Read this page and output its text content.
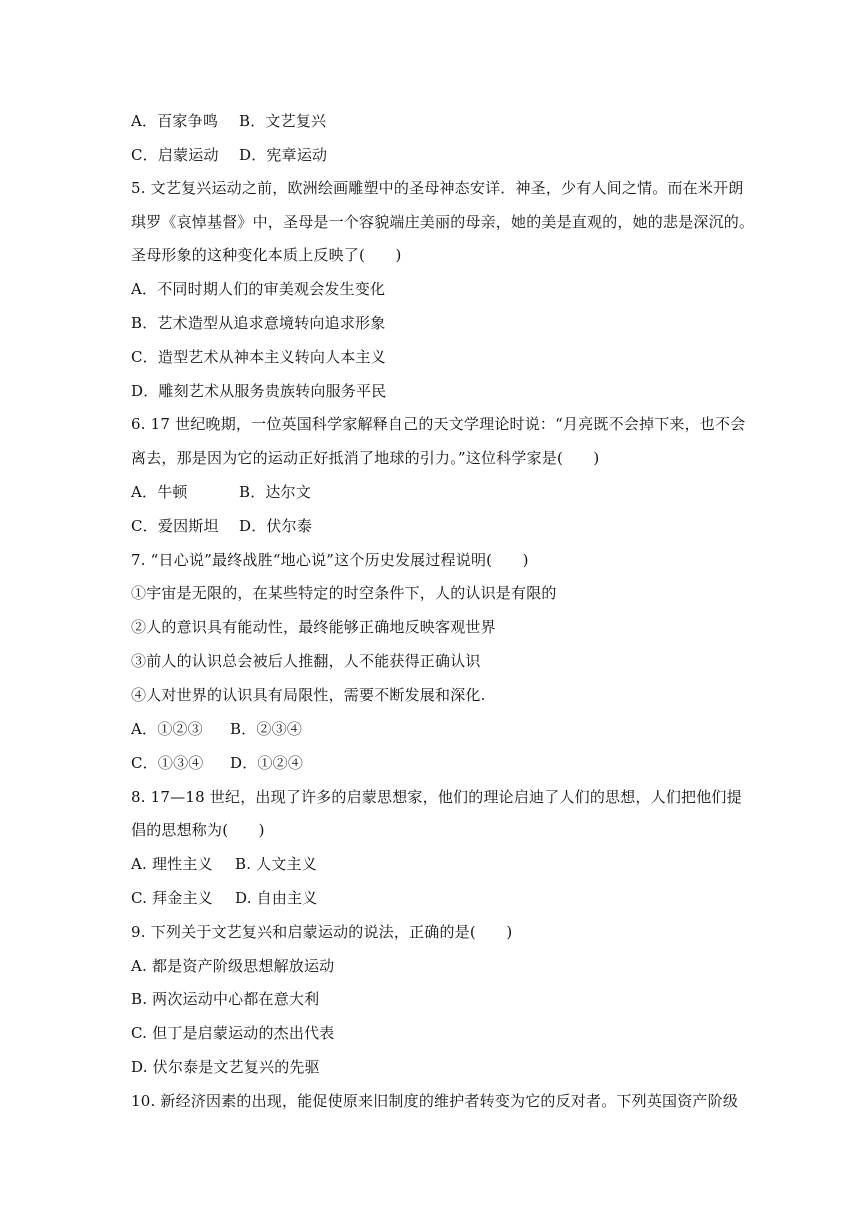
A．百家争鸣 B．文艺复兴
C．启蒙运动 D．宪章运动
5. 文艺复兴运动之前，欧洲绘画雕塑中的圣母神态安详．神圣，少有人间之情。而在米开朗
琪罗《哀悼基督》中，圣母是一个容貌端庄美丽的母亲，她的美是直观的，她的悲是深沉的。
圣母形象的这种变化本质上反映了(　　)
A．不同时期人们的审美观会发生变化
B．艺术造型从追求意境转向追求形象
C．造型艺术从神本主义转向人本主义
D．雕刻艺术从服务贵族转向服务平民
6. 17 世纪晚期，一位英国科学家解释自己的天文学理论时说：“月亮既不会掉下来，也不会
离去，那是因为它的运动正好抵消了地球的引力。”这位科学家是(　　)
A．牛顿	B．达尔文
C．爱因斯坦 D．伏尔泰
7. “日心说”最终战胜“地心说”这个历史发展过程说明(　　)
①宇宙是无限的，在某些特定的时空条件下，人的认识是有限的
②人的意识具有能动性，最终能够正确地反映客观世界
③前人的认识总会被后人推翻，人不能获得正确认识
④人对世界的认识具有局限性，需要不断发展和深化.
A．①②③ B．②③④
C．①③④ D．①②④
8. 17—18 世纪，出现了许多的启蒙思想家，他们的理论启迪了人们的思想，人们把他们提
倡的思想称为(　　)
A. 理性主义 B. 人文主义
C. 拜金主义 D. 自由主义
9. 下列关于文艺复兴和启蒙运动的说法，正确的是(　　)
A. 都是资产阶级思想解放运动
B. 两次运动中心都在意大利
C. 但丁是启蒙运动的杰出代表
D. 伏尔泰是文艺复兴的先驱
10. 新经济因素的出现，能促使原来旧制度的维护者转变为它的反对者。下列英国资产阶级
